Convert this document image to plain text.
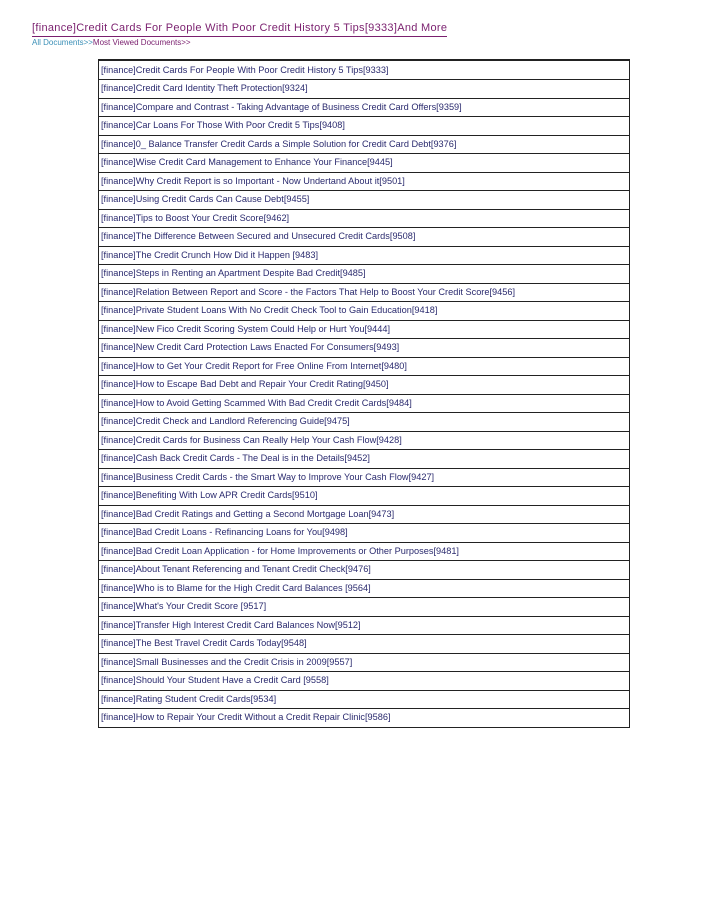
[finance]Credit Cards For People With Poor Credit History 5 Tips[9333]And More
All Documents>>Most Viewed Documents>>
[finance]Credit Cards For People With Poor Credit History 5 Tips[9333]
[finance]Credit Card Identity Theft Protection[9324]
[finance]Compare and Contrast - Taking Advantage of Business Credit Card Offers[9359]
[finance]Car Loans For Those With Poor Credit 5 Tips[9408]
[finance]0_ Balance Transfer Credit Cards a Simple Solution for Credit Card Debt[9376]
[finance]Wise Credit Card Management to Enhance Your Finance[9445]
[finance]Why Credit Report is so Important - Now Undertand About it[9501]
[finance]Using Credit Cards Can Cause Debt[9455]
[finance]Tips to Boost Your Credit Score[9462]
[finance]The Difference Between Secured and Unsecured Credit Cards[9508]
[finance]The Credit Crunch How Did it Happen [9483]
[finance]Steps in Renting an Apartment Despite Bad Credit[9485]
[finance]Relation Between Report and Score - the Factors That Help to Boost Your Credit Score[9456]
[finance]Private Student Loans With No Credit Check Tool to Gain Education[9418]
[finance]New Fico Credit Scoring System Could Help or Hurt You[9444]
[finance]New Credit Card Protection Laws Enacted For Consumers[9493]
[finance]How to Get Your Credit Report for Free Online From Internet[9480]
[finance]How to Escape Bad Debt and Repair Your Credit Rating[9450]
[finance]How to Avoid Getting Scammed With Bad Credit Credit Cards[9484]
[finance]Credit Check and Landlord Referencing Guide[9475]
[finance]Credit Cards for Business Can Really Help Your Cash Flow[9428]
[finance]Cash Back Credit Cards - The Deal is in the Details[9452]
[finance]Business Credit Cards - the Smart Way to Improve Your Cash Flow[9427]
[finance]Benefiting With Low APR Credit Cards[9510]
[finance]Bad Credit Ratings and Getting a Second Mortgage Loan[9473]
[finance]Bad Credit Loans - Refinancing Loans for You[9498]
[finance]Bad Credit Loan Application - for Home Improvements or Other Purposes[9481]
[finance]About Tenant Referencing and Tenant Credit Check[9476]
[finance]Who is to Blame for the High Credit Card Balances [9564]
[finance]What's Your Credit Score [9517]
[finance]Transfer High Interest Credit Card Balances Now[9512]
[finance]The Best Travel Credit Cards Today[9548]
[finance]Small Businesses and the Credit Crisis in 2009[9557]
[finance]Should Your Student Have a Credit Card [9558]
[finance]Rating Student Credit Cards[9534]
[finance]How to Repair Your Credit Without a Credit Repair Clinic[9586]
